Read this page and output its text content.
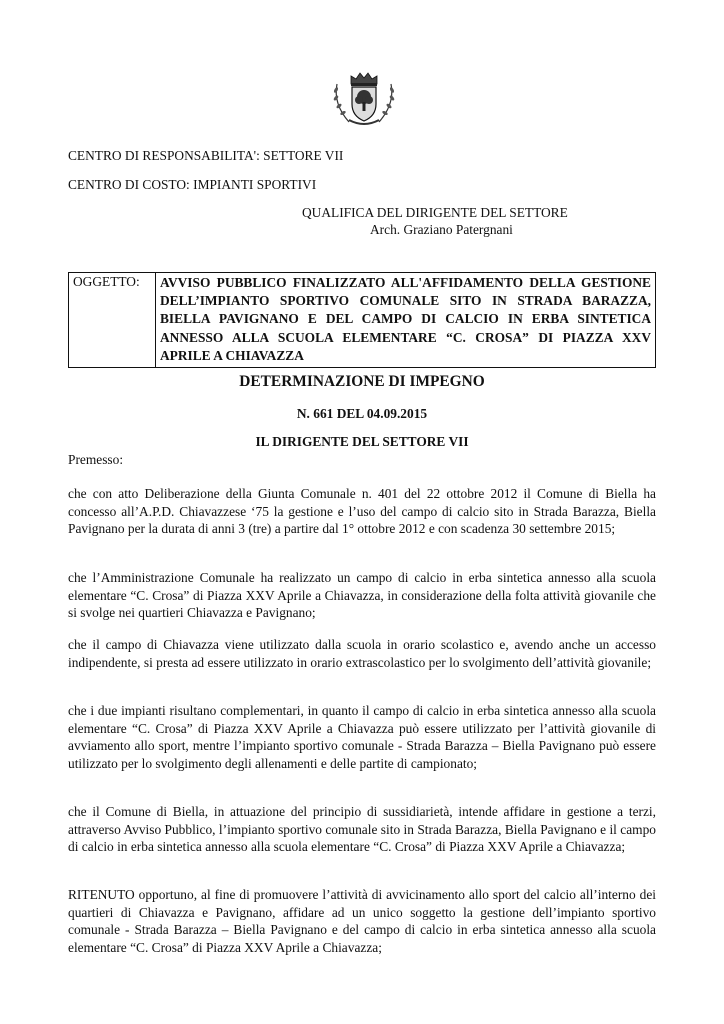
CENTRO DI RESPONSABILITA': SETTORE VII
CENTRO DI COSTO: IMPIANTI SPORTIVI
QUALIFICA DEL DIRIGENTE DEL SETTORE
Arch. Graziano Patergnani
OGGETTO:	AVVISO PUBBLICO FINALIZZATO ALL'AFFIDAMENTO DELLA GESTIONE DELL’IMPIANTO SPORTIVO COMUNALE SITO IN STRADA BARAZZA, BIELLA PAVIGNANO E DEL CAMPO DI CALCIO IN ERBA SINTETICA ANNESSO ALLA SCUOLA ELEMENTARE “C. CROSA” DI PIAZZA XXV APRILE A CHIAVAZZA
DETERMINAZIONE DI IMPEGNO
N. 661 DEL 04.09.2015
IL DIRIGENTE DEL SETTORE VII
Premesso:
che con atto Deliberazione della Giunta Comunale n. 401 del 22 ottobre 2012 il Comune di Biella ha concesso all’A.P.D. Chiavazzese ‘75 la gestione e l’uso del campo di calcio sito in Strada Barazza, Biella Pavignano per la durata di anni 3 (tre) a partire dal 1° ottobre 2012 e con scadenza 30 settembre 2015;
che l’Amministrazione Comunale ha realizzato un campo di calcio in erba sintetica annesso alla scuola elementare “C. Crosa” di Piazza XXV Aprile a Chiavazza, in considerazione della folta attività giovanile che si svolge nei quartieri Chiavazza e Pavignano;
che il campo di Chiavazza viene utilizzato dalla scuola in orario scolastico e, avendo anche un accesso indipendente, si presta ad essere utilizzato in orario extrascolastico per lo svolgimento dell’attività giovanile;
che i due impianti risultano complementari, in quanto il campo di calcio in erba sintetica annesso alla scuola elementare “C. Crosa” di Piazza XXV Aprile a Chiavazza può essere utilizzato per l’attività giovanile di avviamento allo sport, mentre l’impianto sportivo comunale - Strada Barazza – Biella Pavignano può essere utilizzato per lo svolgimento degli allenamenti e delle partite di campionato;
che il Comune di Biella, in attuazione del principio di sussidiarietà, intende affidare in gestione a terzi, attraverso Avviso Pubblico, l’impianto sportivo comunale sito in Strada Barazza, Biella Pavignano e il campo di calcio in erba sintetica annesso alla scuola elementare “C. Crosa” di Piazza XXV Aprile a Chiavazza;
RITENUTO opportuno, al fine di promuovere l’attività di avvicinamento allo sport del calcio all’interno dei quartieri di Chiavazza e Pavignano, affidare ad un unico soggetto la gestione dell’impianto sportivo comunale - Strada Barazza – Biella Pavignano e del campo di calcio in erba sintetica annesso alla scuola elementare “C. Crosa” di Piazza XXV Aprile a Chiavazza;
